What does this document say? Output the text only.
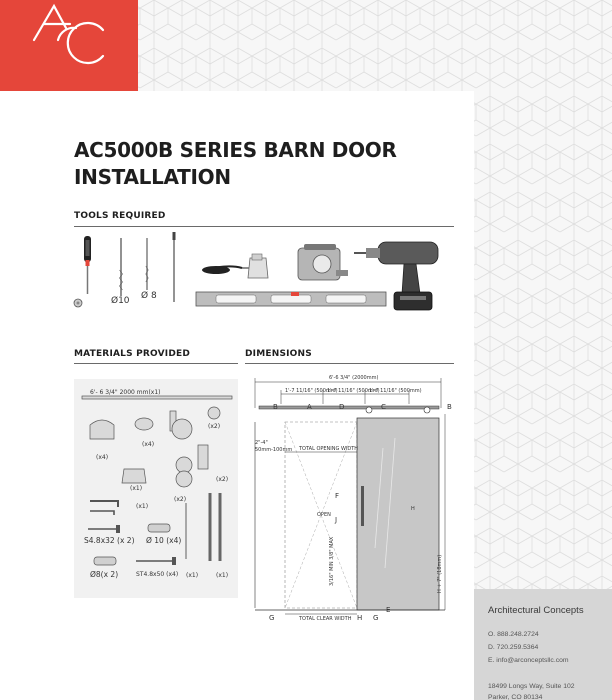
AC5000B SERIES BARN DOOR
INSTALLATION
TOOLS REQUIRED
Ø10 Ø 8
MATERIALS PROVIDED
6'- 6 3/4" 2000 mm(x1)
(x2)
(x4)
(x4)
(x1)
(x2)
(x2)
(x1)
(x1)	(x1)
S4.8x32 (x 2) Ø 10 (x4)
Ø8(x 2)	ST4.8x50 (x4)
DIMENSIONS
6'-6 3/4" (2000mm)
1'-7 11/16" (500mm)
1'-7 11/16" (500mm)
1'-7 11/16" (500mm)
2"-4"
50mm-100mm TOTAL OPENING WIDTH
TOTAL CLEAR WIDTH
OPEN
H
H + 7" (18mm)
3/16" MIN 3/8" MAX
B	A	D	C	B
F
J
E
G	H G
Architectural Concepts
O. 888.248.2724
D. 720.259.5364
E. info@arconceptsllc.com
18499 Longs Way, Suite 102
Parker, CO 80134
